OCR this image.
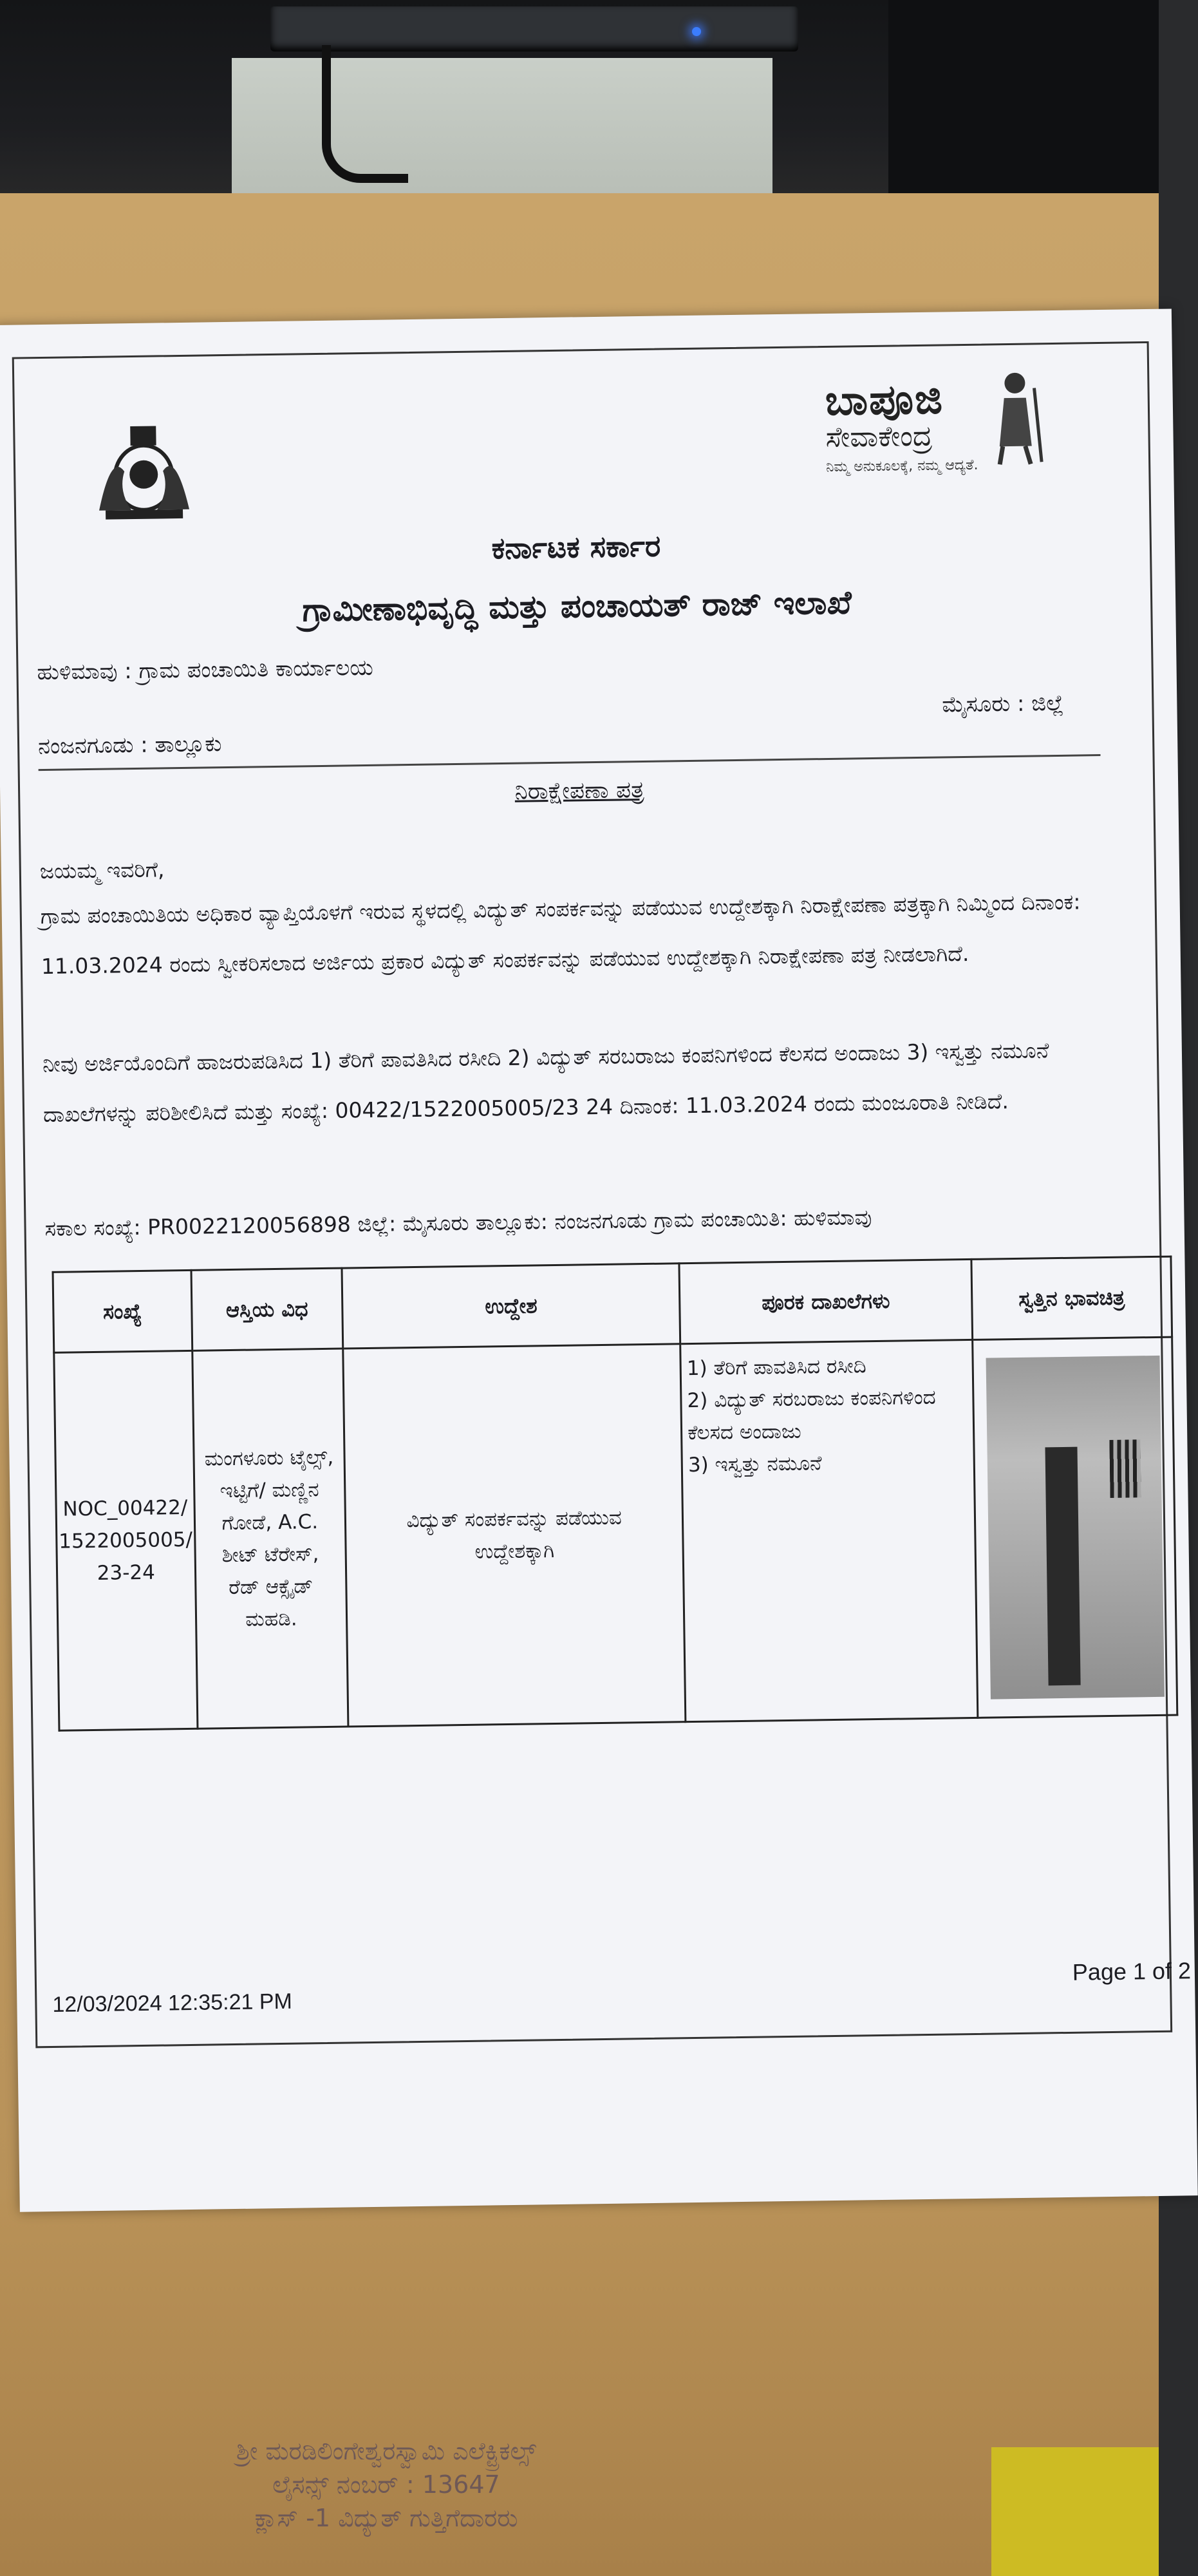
ಶ್ರೀ ಮರಡಿಲಿಂಗೇಶ್ವರಸ್ವಾಮಿ ಎಲೆಕ್ಟ್ರಿಕಲ್ಸ್
ಲೈಸನ್ಸ್ ನಂಬರ್ : 13647
ಕ್ಲಾಸ್ -1 ವಿದ್ಯುತ್ ಗುತ್ತಿಗೆದಾರರು
ಬಾಪೂಜಿ
ಸೇವಾಕೇಂದ್ರ
ನಿಮ್ಮ ಅನುಕೂಲಕ್ಕೆ, ನಮ್ಮ ಆದ್ಯತೆ.
ಕರ್ನಾಟಕ ಸರ್ಕಾರ
ಗ್ರಾಮೀಣಾಭಿವೃದ್ಧಿ ಮತ್ತು ಪಂಚಾಯತ್ ರಾಜ್ ಇಲಾಖೆ
ಹುಳಿಮಾವು : ಗ್ರಾಮ ಪಂಚಾಯಿತಿ ಕಾರ್ಯಾಲಯ
ಮೈಸೂರು : ಜಿಲ್ಲೆ
ನಂಜನಗೂಡು : ತಾಲ್ಲೂಕು
ನಿರಾಕ್ಷೇಪಣಾ ಪತ್ರ
ಜಯಮ್ಮ ಇವರಿಗೆ,
ಗ್ರಾಮ ಪಂಚಾಯಿತಿಯ ಅಧಿಕಾರ ವ್ಯಾಪ್ತಿಯೊಳಗೆ ಇರುವ ಸ್ಥಳದಲ್ಲಿ ವಿದ್ಯುತ್ ಸಂಪರ್ಕವನ್ನು ಪಡೆಯುವ ಉದ್ದೇಶಕ್ಕಾಗಿ ನಿರಾಕ್ಷೇಪಣಾ ಪತ್ರಕ್ಕಾಗಿ ನಿಮ್ಮಿಂದ ದಿನಾಂಕ: 11.03.2024 ರಂದು ಸ್ವೀಕರಿಸಲಾದ ಅರ್ಜಿಯ ಪ್ರಕಾರ ವಿದ್ಯುತ್ ಸಂಪರ್ಕವನ್ನು ಪಡೆಯುವ ಉದ್ದೇಶಕ್ಕಾಗಿ ನಿರಾಕ್ಷೇಪಣಾ ಪತ್ರ ನೀಡಲಾಗಿದೆ.
ನೀವು ಅರ್ಜಿಯೊಂದಿಗೆ ಹಾಜರುಪಡಿಸಿದ 1) ತೆರಿಗೆ ಪಾವತಿಸಿದ ರಸೀದಿ 2) ವಿದ್ಯುತ್ ಸರಬರಾಜು ಕಂಪನಿಗಳಿಂದ ಕೆಲಸದ ಅಂದಾಜು 3) ಇಸ್ವತ್ತು ನಮೂನೆ ದಾಖಲೆಗಳನ್ನು ಪರಿಶೀಲಿಸಿದೆ ಮತ್ತು ಸಂಖ್ಯೆ: 00422/1522005005/23 24 ದಿನಾಂಕ: 11.03.2024 ರಂದು ಮಂಜೂರಾತಿ ನೀಡಿದೆ.
ಸಕಾಲ ಸಂಖ್ಯೆ: PR0022120056898 ಜಿಲ್ಲೆ: ಮೈಸೂರು ತಾಲ್ಲೂಕು: ನಂಜನಗೂಡು ಗ್ರಾಮ ಪಂಚಾಯಿತಿ: ಹುಳಿಮಾವು
ಸಂಖ್ಯೆ	ಆಸ್ತಿಯ ವಿಧ	ಉದ್ದೇಶ	ಪೂರಕ ದಾಖಲೆಗಳು	ಸ್ವತ್ತಿನ ಭಾವಚಿತ್ರ
NOC_00422/1522005005/23-24	ಮಂಗಳೂರು ಟೈಲ್ಸ್, ಇಟ್ಟಿಗೆ/ ಮಣ್ಣಿನ ಗೋಡೆ, A.C. ಶೀಟ್ ಟೆರೇಸ್, ರೆಡ್ ಆಕ್ಸೈಡ್ ಮಹಡಿ.	ವಿದ್ಯುತ್ ಸಂಪರ್ಕವನ್ನು ಪಡೆಯುವ ಉದ್ದೇಶಕ್ಕಾಗಿ	1) ತೆರಿಗೆ ಪಾವತಿಸಿದ ರಸೀದಿ
2) ವಿದ್ಯುತ್ ಸರಬರಾಜು ಕಂಪನಿಗಳಿಂದ ಕೆಲಸದ ಅಂದಾಜು
3) ಇಸ್ವತ್ತು ನಮೂನೆ	

12/03/2024 12:35:21 PM
Page 1 of 2
